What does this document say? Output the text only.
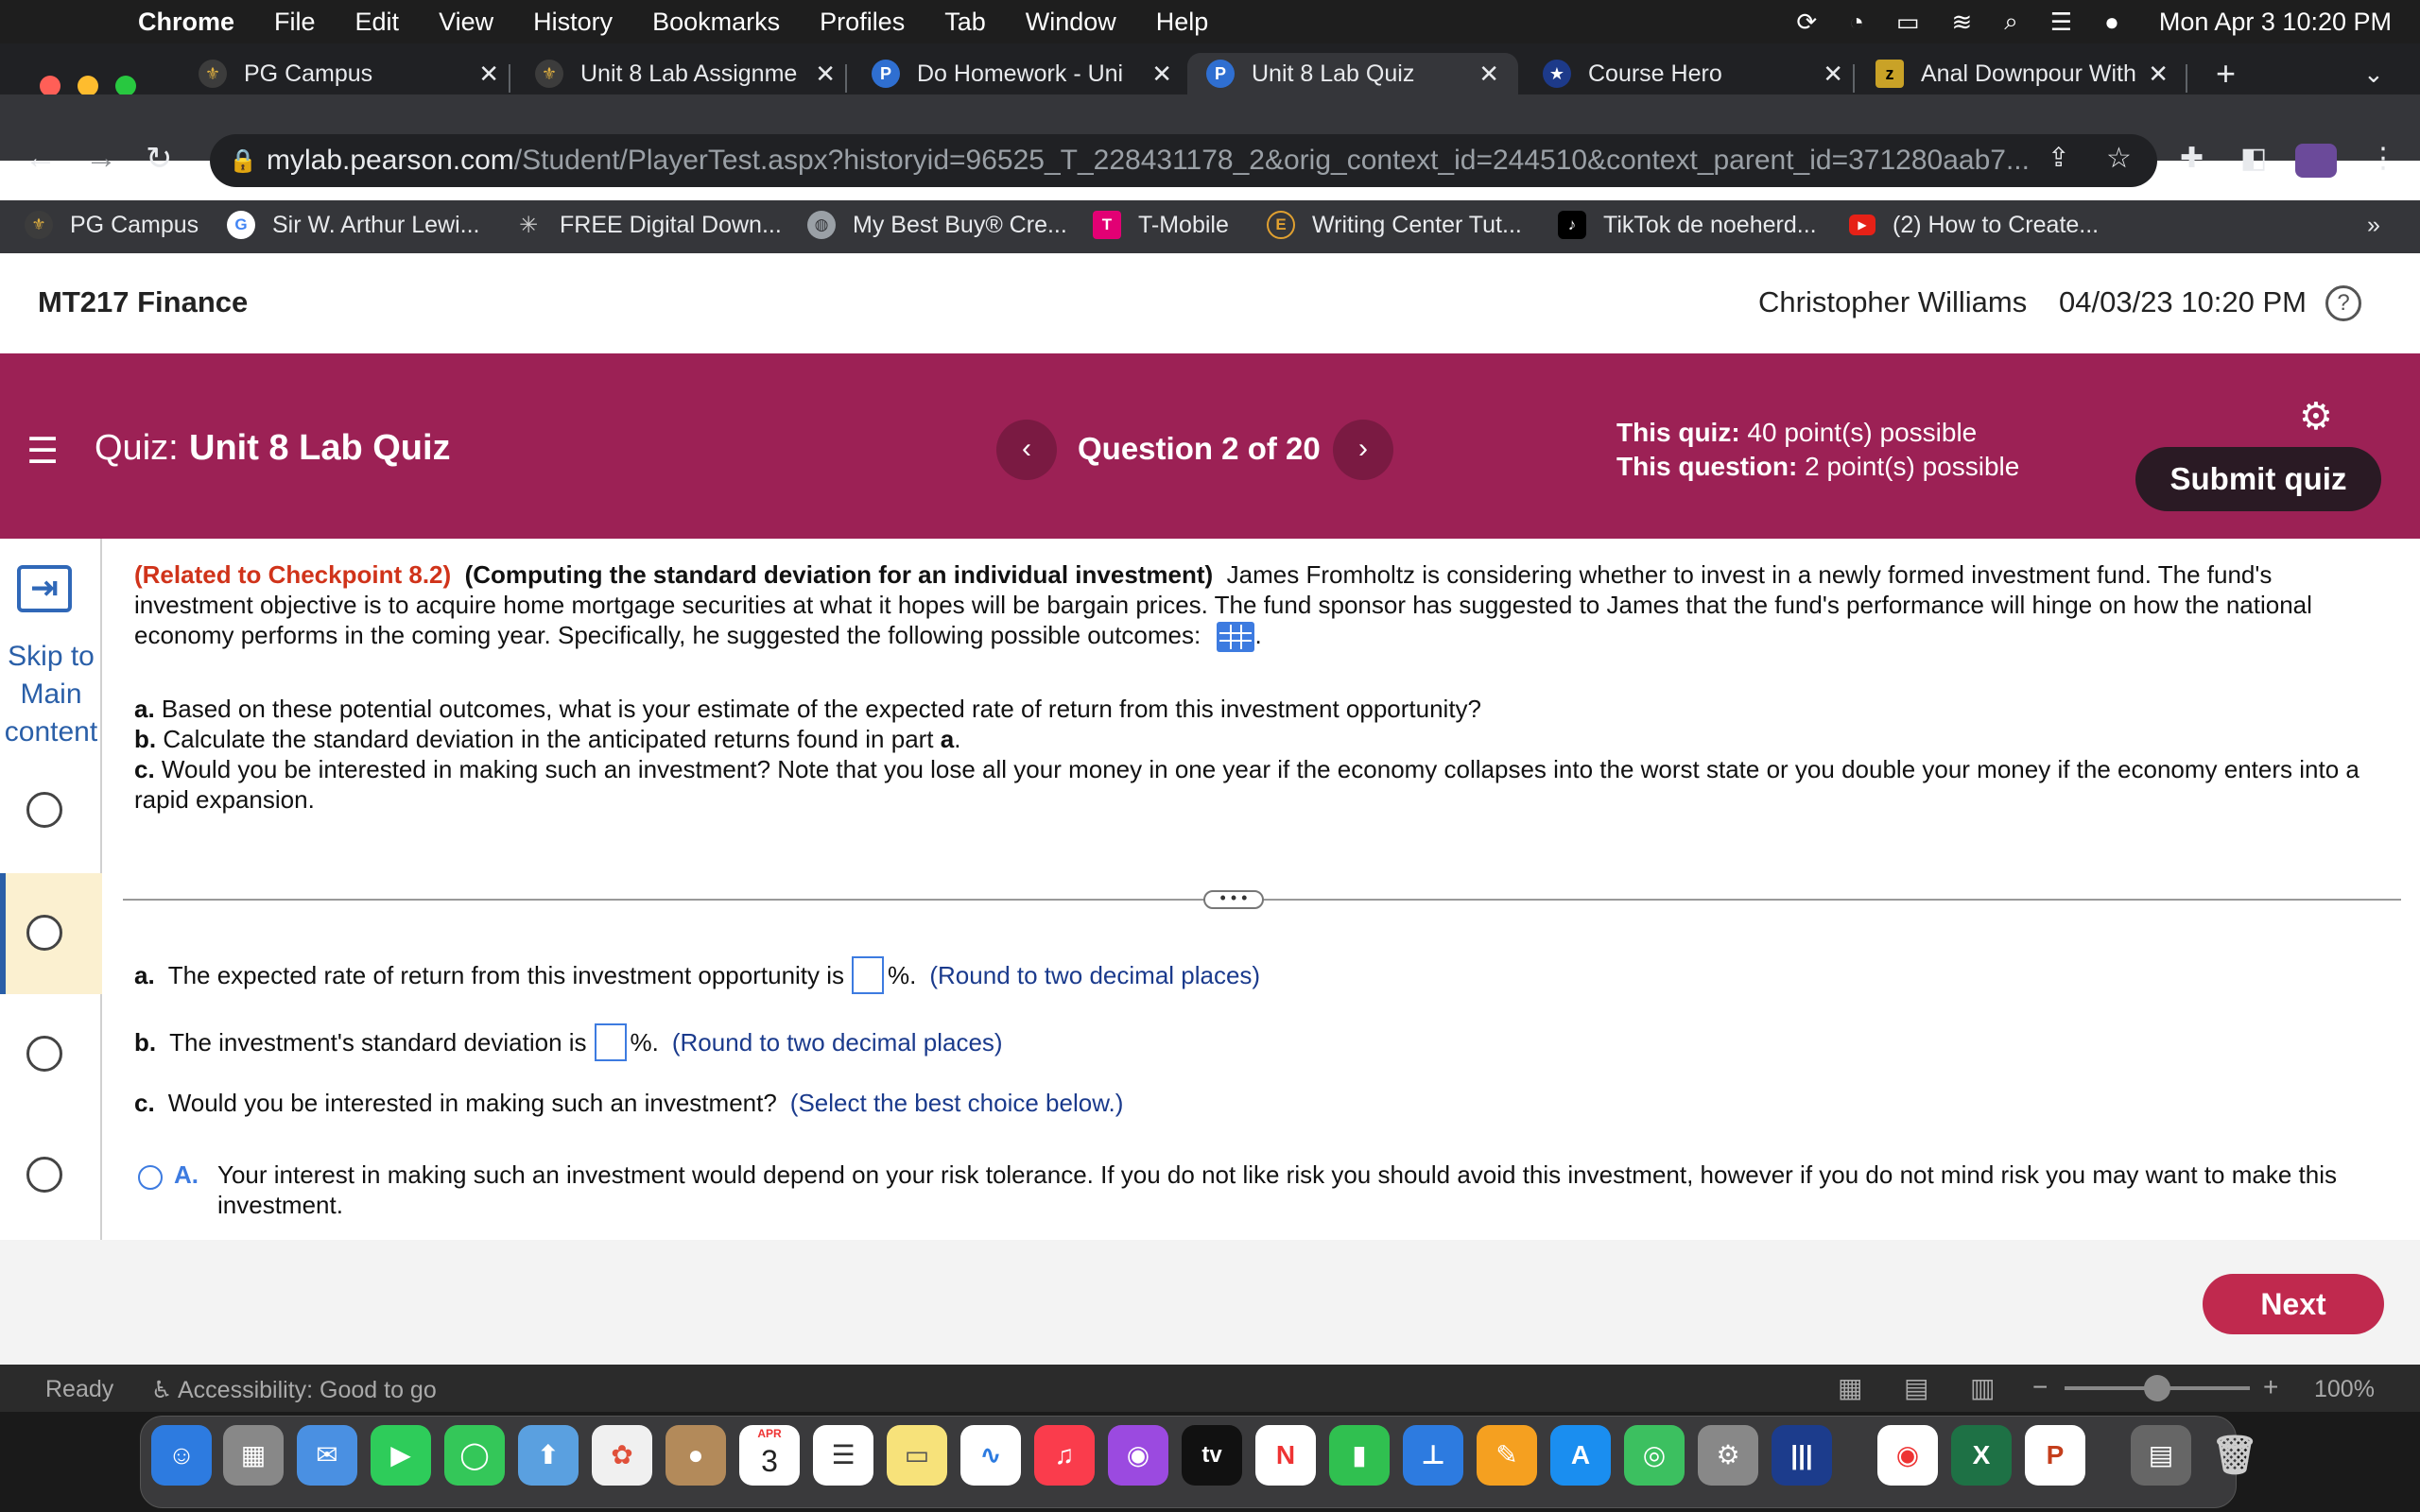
Chrome File Edit View History Bookmarks Profiles Tab Window Help	⟳ ◔ ▭ ≋ ⌕ ☰ ● Mon Apr 3 10:20 PM
⚜ PG Campus	✕	⚜ Unit 8 Lab Assignme ✕	P	Do Homework - Uni	✕	P	Unit 8 Lab Quiz	✕	★ Course Hero	✕	z	Anal Downpour With ✕ +	⌄
← → ↻ 🔒 mylab.pearson.com /Student/PlayerTest.aspx?historyid=96525_T_228431178_2&orig_context_id=244510&context_parent_id=371280aab7... ⇪ ☆ ✚ ◧	⋮
⚜ PG Campus	G	Sir W. Arthur Lewi... ✳ FREE Digital Down...	◍	My Best Buy® Cre...	T	T-Mobile	E	Writing Center Tut...	♪	TikTok de noeherd...	▶	(2) How to Create...	»
MT217 Finance	Christopher Williams 04/03/23 10:20 PM	?
☰ Quiz: Unit 8 Lab Quiz	‹	Question 2 of 20	›
This quiz: 40 point(s) possible
This question: 2 point(s) possible
⚙
Submit quiz
⇥
Skip to Main content
(Related to Checkpoint 8.2) (Computing the standard deviation for an individual investment) James Fromholtz is considering whether to invest in a newly formed investment fund. The fund's investment objective is to acquire home mortgage securities at what it hopes will be bargain prices. The fund sponsor has suggested to James that the fund's performance will hinge on how the national economy performs in the coming year. Specifically, he suggested the following possible outcomes: .
a. Based on these potential outcomes, what is your estimate of the expected rate of return from this investment opportunity?
b. Calculate the standard deviation in the anticipated returns found in part a.
c. Would you be interested in making such an investment? Note that you lose all your money in one year if the economy collapses into the worst state or you double your money if the economy enters into a rapid expansion.
• • •
a. The expected rate of return from this investment opportunity is %. (Round to two decimal places)
b. The investment's standard deviation is %. (Round to two decimal places)
c. Would you be interested in making such an investment? (Select the best choice below.)
A. Your interest in making such an investment would depend on your risk tolerance. If you do not like risk you should avoid this investment, however if you do not mind risk you may want to make this investment.
Next
Ready ♿ Accessibility: Good to go	▦ ▤ ▥ −	+ 100%
☺	▦	✉	▶	◯	⬆	✿	●
APR
3	☰	▭	∿	♫	◉	tv	N	▮	⊥	✎	A	◎	⚙	|||	◉	X	P	▤ 🗑
